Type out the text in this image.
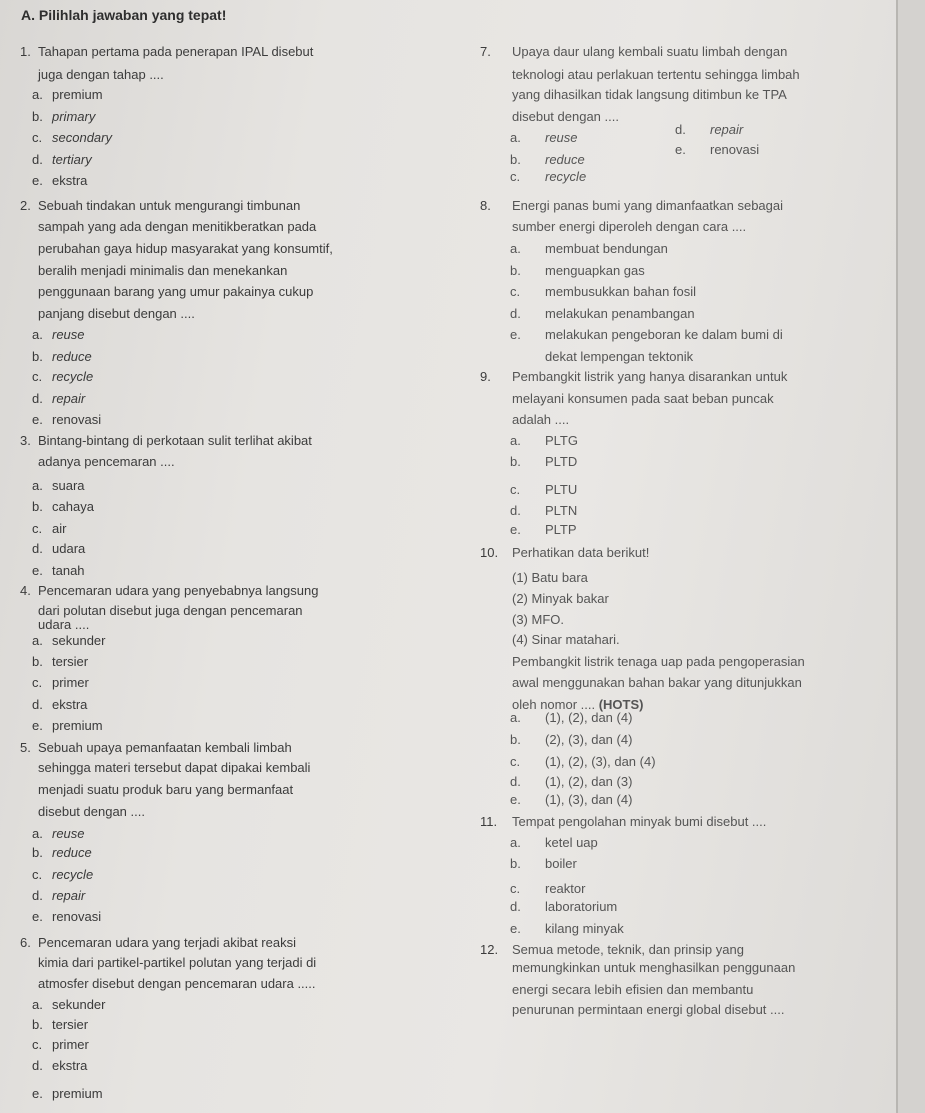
A. Pilihlah jawaban yang tepat!
1. Tahapan pertama pada penerapan IPAL disebut
juga dengan tahap ....
a. premium
b. primary
c. secondary
d. tertiary
e. ekstra
2. Sebuah tindakan untuk mengurangi timbunan
sampah yang ada dengan menitikberatkan pada
perubahan gaya hidup masyarakat yang konsumtif,
beralih menjadi minimalis dan menekankan
penggunaan barang yang umur pakainya cukup
panjang disebut dengan ....
a. reuse
b. reduce
c. recycle
d. repair
e. renovasi
3. Bintang-bintang di perkotaan sulit terlihat akibat
adanya pencemaran ....
a. suara
b. cahaya
c. air
d. udara
e. tanah
4. Pencemaran udara yang penyebabnya langsung
dari polutan disebut juga dengan pencemaran
udara ....
a. sekunder
b. tersier
c. primer
d. ekstra
e. premium
5. Sebuah upaya pemanfaatan kembali limbah
sehingga materi tersebut dapat dipakai kembali
menjadi suatu produk baru yang bermanfaat
disebut dengan ....
a. reuse
b. reduce
c. recycle
d. repair
e. renovasi
6. Pencemaran udara yang terjadi akibat reaksi
kimia dari partikel-partikel polutan yang terjadi di
atmosfer disebut dengan pencemaran udara .....
a. sekunder
b. tersier
c. primer
d. ekstra
e. premium
7. Upaya daur ulang kembali suatu limbah dengan
teknologi atau perlakuan tertentu sehingga limbah
yang dihasilkan tidak langsung ditimbun ke TPA
disebut dengan ....
a. reuse
b. reduce
c. recycle
d. repair
e. renovasi
8. Energi panas bumi yang dimanfaatkan sebagai
sumber energi diperoleh dengan cara ....
a. membuat bendungan
b. menguapkan gas
c. membusukkan bahan fosil
d. melakukan penambangan
e. melakukan pengeboran ke dalam bumi di
dekat lempengan tektonik
9. Pembangkit listrik yang hanya disarankan untuk
melayani konsumen pada saat beban puncak
adalah ....
a. PLTG
b. PLTD
c. PLTU
d. PLTN
e. PLTP
10. Perhatikan data berikut!
(1) Batu bara
(2) Minyak bakar
(3) MFO.
(4) Sinar matahari.
Pembangkit listrik tenaga uap pada pengoperasian
awal menggunakan bahan bakar yang ditunjukkan
oleh nomor .... (HOTS)
a. (1), (2), dan (4)
b. (2), (3), dan (4)
c. (1), (2), (3), dan (4)
d. (1), (2), dan (3)
e. (1), (3), dan (4)
11. Tempat pengolahan minyak bumi disebut ....
a. ketel uap
b. boiler
c. reaktor
d. laboratorium
e. kilang minyak
12. Semua metode, teknik, dan prinsip yang
memungkinkan untuk menghasilkan penggunaan
energi secara lebih efisien dan membantu
penurunan permintaan energi global disebut ....
